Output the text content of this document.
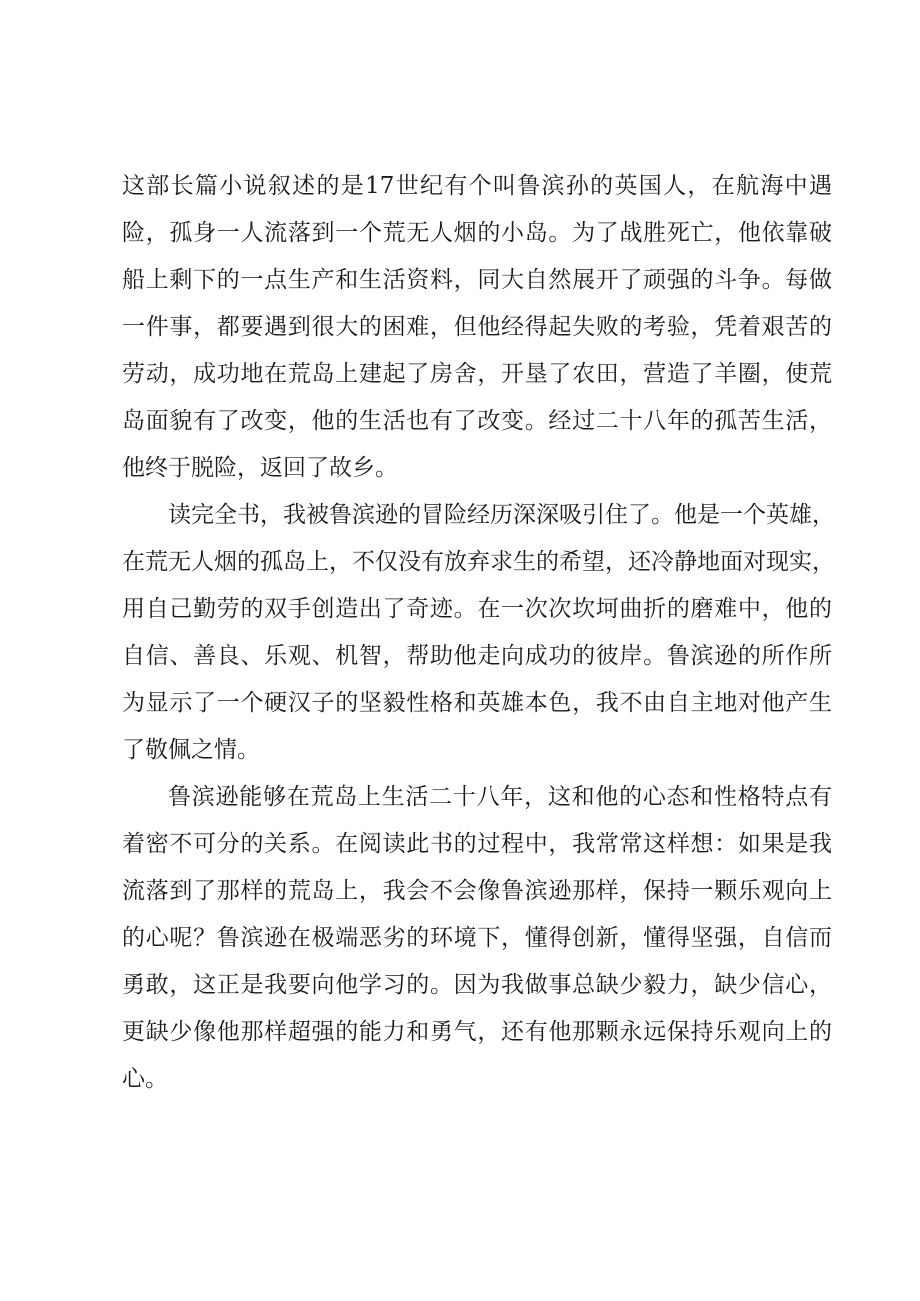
这部长篇小说叙述的是17世纪有个叫鲁滨孙的英国人，在航海中遇
险，孤身一人流落到一个荒无人烟的小岛。为了战胜死亡，他依靠破
船上剩下的一点生产和生活资料，同大自然展开了顽强的斗争。每做
一件事，都要遇到很大的困难，但他经得起失败的考验，凭着艰苦的
劳动，成功地在荒岛上建起了房舍，开垦了农田，营造了羊圈，使荒
岛面貌有了改变，他的生活也有了改变。经过二十八年的孤苦生活，
他终于脱险，返回了故乡。
读完全书，我被鲁滨逊的冒险经历深深吸引住了。他是一个英雄，
在荒无人烟的孤岛上，不仅没有放弃求生的希望，还冷静地面对现实，
用自己勤劳的双手创造出了奇迹。在一次次坎坷曲折的磨难中，他的
自信、善良、乐观、机智，帮助他走向成功的彼岸。鲁滨逊的所作所
为显示了一个硬汉子的坚毅性格和英雄本色，我不由自主地对他产生
了敬佩之情。
鲁滨逊能够在荒岛上生活二十八年，这和他的心态和性格特点有
着密不可分的关系。在阅读此书的过程中，我常常这样想：如果是我
流落到了那样的荒岛上，我会不会像鲁滨逊那样，保持一颗乐观向上
的心呢？鲁滨逊在极端恶劣的环境下，懂得创新，懂得坚强，自信而
勇敢，这正是我要向他学习的。因为我做事总缺少毅力，缺少信心，
更缺少像他那样超强的能力和勇气，还有他那颗永远保持乐观向上的
心。
